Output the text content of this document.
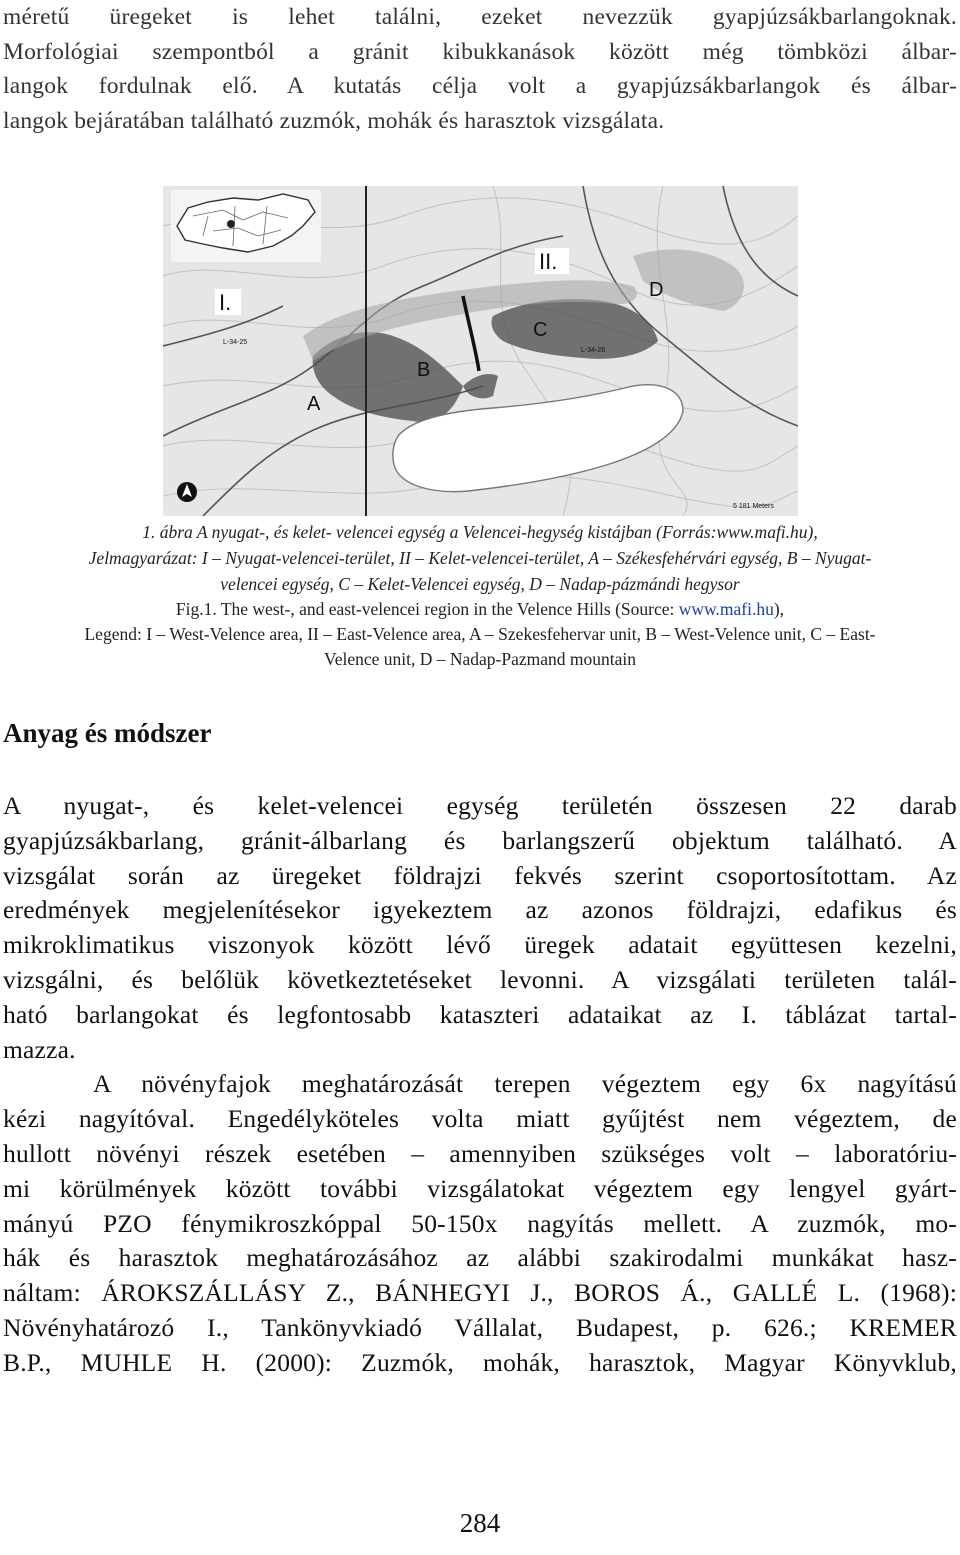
méretű üregeket is lehet találni, ezeket nevezzük gyapjúzsákbarlangoknak.
Morfológiai szempontból a gránit kibukkanások között még tömbközi álbar-
langok fordulnak elő. A kutatás célja volt a gyapjúzsákbarlangok és álbar-
langok bejáratában található zuzmók, mohák és harasztok vizsgálata.
I.
II.
A
B
C
D
L-34-25
L-34-26
5 181 Meters
1. ábra A nyugat-, és kelet- velencei egység a Velencei-hegység kistájban (Forrás:www.mafi.hu),
Jelmagyarázat: I – Nyugat-velencei-terület, II – Kelet-velencei-terület, A – Székesfehérvári egység, B – Nyugat-
velencei egység, C – Kelet-Velencei egység, D – Nadap-pázmándi hegysor
Fig.1. The west-, and east-velencei region in the Velence Hills (Source: www.mafi.hu),
Legend: I – West-Velence area, II – East-Velence area, A – Szekesfehervar unit, B – West-Velence unit, C – East-
Velence unit, D – Nadap-Pazmand mountain
Anyag és módszer
A nyugat-, és kelet-velencei egység területén összesen 22 darab
gyapjúzsákbarlang, gránit-álbarlang és barlangszerű objektum található. A
vizsgálat során az üregeket földrajzi fekvés szerint csoportosítottam. Az
eredmények megjelenítésekor igyekeztem az azonos földrajzi, edafikus és
mikroklimatikus viszonyok között lévő üregek adatait együttesen kezelni,
vizsgálni, és belőlük következtetéseket levonni. A vizsgálati területen talál-
ható barlangokat és legfontosabb kataszteri adataikat az I. táblázat tartal-
mazza.
A növényfajok meghatározását terepen végeztem egy 6x nagyítású
kézi nagyítóval. Engedélyköteles volta miatt gyűjtést nem végeztem, de
hullott növényi részek esetében – amennyiben szükséges volt – laboratóriu-
mi körülmények között további vizsgálatokat végeztem egy lengyel gyárt-
mányú PZO fénymikroszkóppal 50-150x nagyítás mellett. A zuzmók, mo-
hák és harasztok meghatározásához az alábbi szakirodalmi munkákat hasz-
náltam: ÁROKSZÁLLÁSY Z., BÁNHEGYI J., BOROS Á., GALLÉ L. (1968):
Növényhatározó I., Tankönyvkiadó Vállalat, Budapest, p. 626.; KREMER
B.P., MUHLE H. (2000): Zuzmók, mohák, harasztok, Magyar Könyvklub,
284
